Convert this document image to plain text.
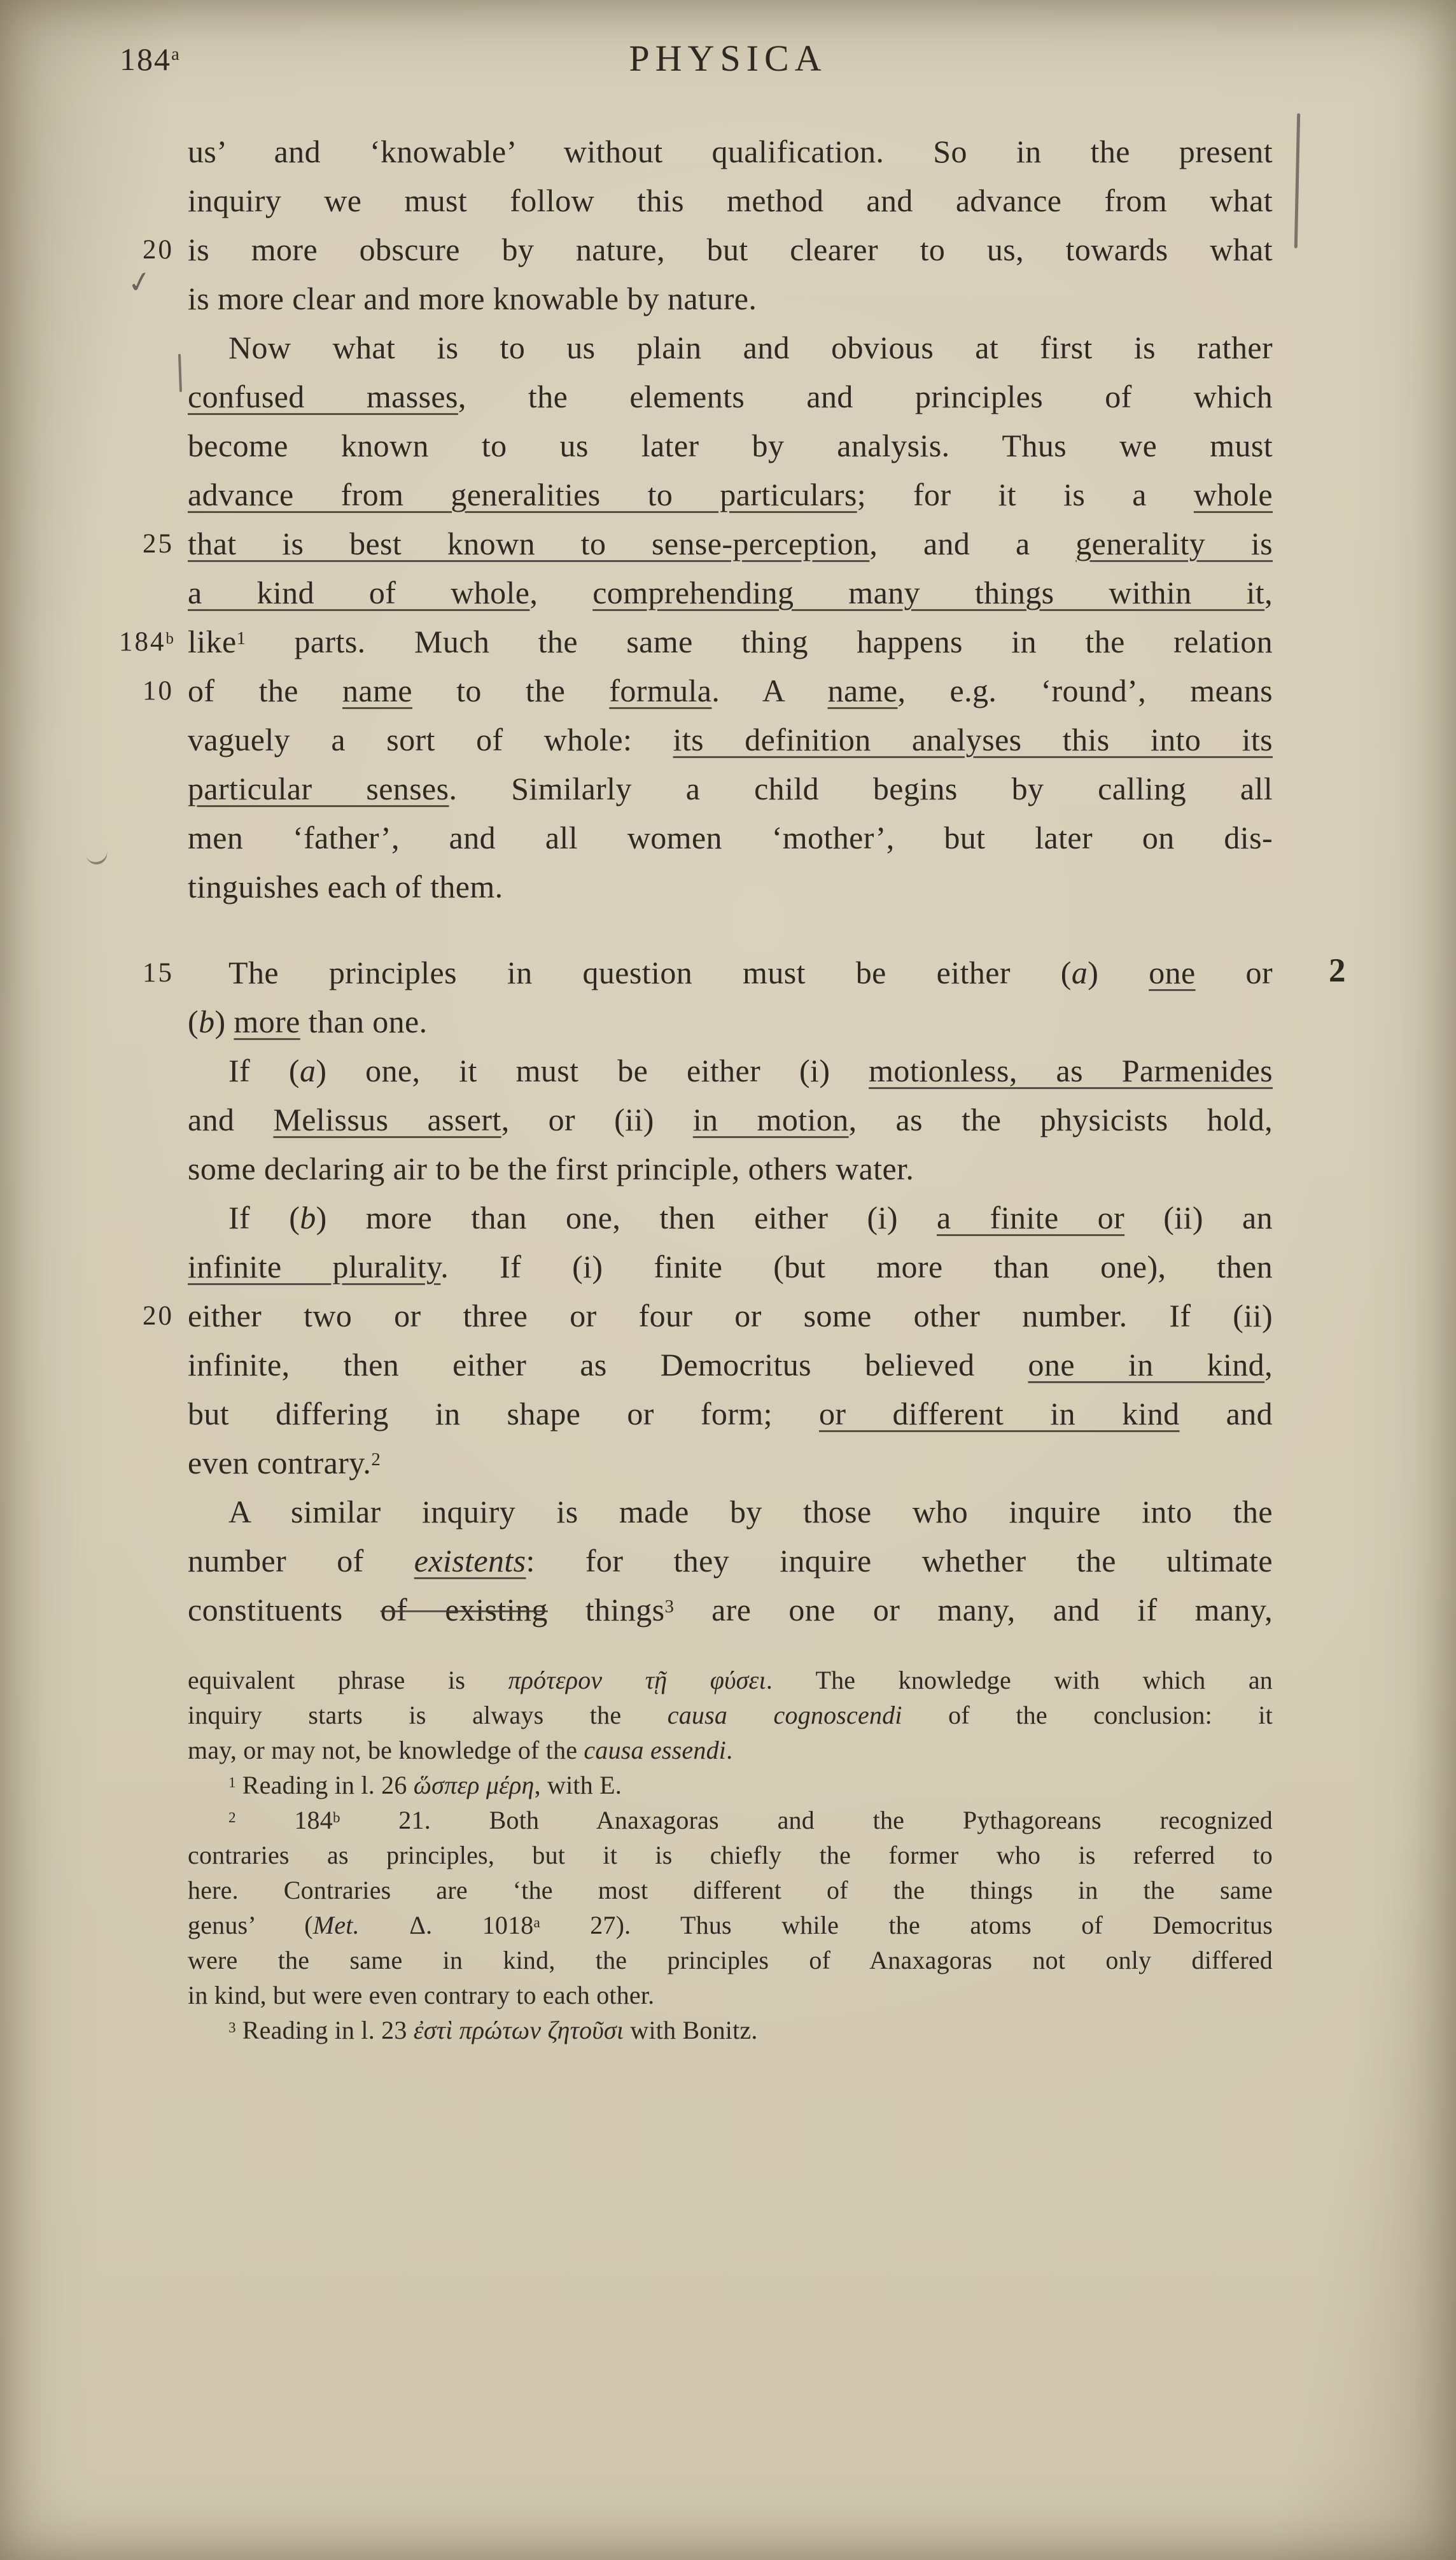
184$^a$	PHYSICA
us’ and ‘knowable’ without qualification. So in the present
inquiry we must follow this method and advance from what
20 is more obscure by nature, but clearer to us, towards what
is more clear and more knowable by nature.
Now what is to us plain and obvious at first is rather
confused masses, the elements and principles of which
become known to us later by analysis. Thus we must
advance from generalities to particulars; for it is a whole
25 that is best known to sense-perception, and a generality is
a kind of whole, comprehending many things within it,
184$^b$ like$^1$ parts. Much the same thing happens in the relation
10 of the name to the formula. A name, e.g. ‘round’, means
vaguely a sort of whole: its definition analyses this into its
particular senses. Similarly a child begins by calling all
men ‘father’, and all women ‘mother’, but later on dis-
tinguishes each of them.
15	2
The principles in question must be either (a) one or
(b) more than one.
If (a) one, it must be either (i) motionless, as Parmenides
and Melissus assert, or (ii) in motion, as the physicists hold,
some declaring air to be the first principle, others water.
If (b) more than one, then either (i) a finite or (ii) an
infinite plurality. If (i) finite (but more than one), then
20 either two or three or four or some other number. If (ii)
infinite, then either as Democritus believed one in kind,
but differing in shape or form; or different in kind and
even contrary.$^2$
A similar inquiry is made by those who inquire into the
number of existents: for they inquire whether the ultimate
constituents of existing things$^3$ are one or many, and if many,
equivalent phrase is πρότερον τῇ φύσει. The knowledge with which an
inquiry starts is always the causa cognoscendi of the conclusion: it
may, or may not, be knowledge of the causa essendi.
$^1$ Reading in l. 26 ὥσπερ μέρη, with E.
$^2$ 184$^b$ 21. Both Anaxagoras and the Pythagoreans recognized
contraries as principles, but it is chiefly the former who is referred to
here. Contraries are ‘the most different of the things in the same
genus’ (Met. Δ. 1018$^a$ 27). Thus while the atoms of Democritus
were the same in kind, the principles of Anaxagoras not only differed
in kind, but were even contrary to each other.
$^3$ Reading in l. 23 ἐστὶ πρώτων ζητοῦσι with Bonitz.
✓
